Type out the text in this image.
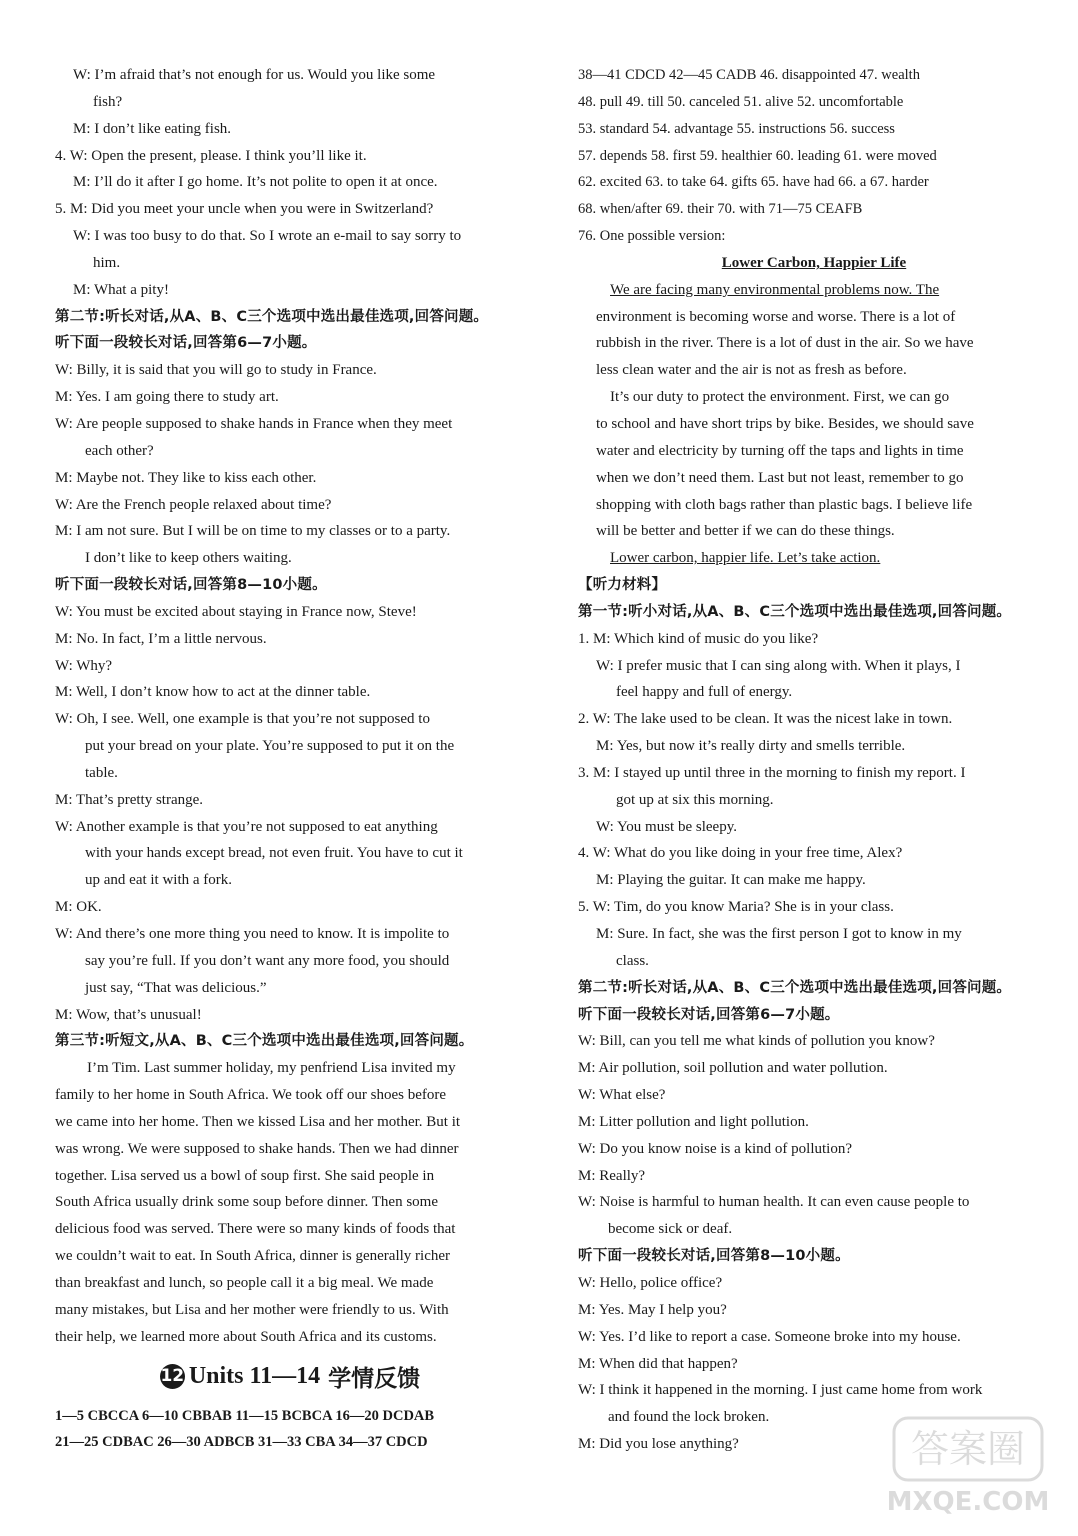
W: I’m afraid that’s not enough for us. Would you like some
fish?
M: I don’t like eating fish.
4. W: Open the present, please. I think you’ll like it.
M: I’ll do it after I go home. It’s not polite to open it at once.
5. M: Did you meet your uncle when you were in Switzerland?
W: I was too busy to do that. So I wrote an e-mail to say sorry to
him.
M: What a pity!
第二节:听长对话,从A、B、C三个选项中选出最佳选项,回答问题。
听下面一段较长对话,回答第6—7小题。
W: Billy, it is said that you will go to study in France.
M: Yes. I am going there to study art.
W: Are people supposed to shake hands in France when they meet
each other?
M: Maybe not. They like to kiss each other.
W: Are the French people relaxed about time?
M: I am not sure. But I will be on time to my classes or to a party.
I don’t like to keep others waiting.
听下面一段较长对话,回答第8—10小题。
W: You must be excited about staying in France now, Steve!
M: No. In fact, I’m a little nervous.
W: Why?
M: Well, I don’t know how to act at the dinner table.
W: Oh, I see. Well, one example is that you’re not supposed to
put your bread on your plate. You’re supposed to put it on the
table.
M: That’s pretty strange.
W: Another example is that you’re not supposed to eat anything
with your hands except bread, not even fruit. You have to cut it
up and eat it with a fork.
M: OK.
W: And there’s one more thing you need to know. It is impolite to
say you’re full. If you don’t want any more food, you should
just say, “That was delicious.”
M: Wow, that’s unusual!
第三节:听短文,从A、B、C三个选项中选出最佳选项,回答问题。
I’m Tim. Last summer holiday, my penfriend Lisa invited my
family to her home in South Africa. We took off our shoes before
we came into her home. Then we kissed Lisa and her mother. But it
was wrong. We were supposed to shake hands. Then we had dinner
together. Lisa served us a bowl of soup first. She said people in
South Africa usually drink some soup before dinner. Then some
delicious food was served. There were so many kinds of foods that
we couldn’t wait to eat. In South Africa, dinner is generally richer
than breakfast and lunch, so people call it a big meal. We made
many mistakes, but Lisa and her mother were friendly to us. With
their help, we learned more about South Africa and its customs.
12 Units 11—14 学情反馈
1—5 CBCCA 6—10 CBBAB 11—15 BCBCA 16—20 DCDAB
21—25 CDBAC 26—30 ADBCB 31—33 CBA 34—37 CDCD
38—41 CDCD 42—45 CADB 46. disappointed 47. wealth
48. pull 49. till 50. canceled 51. alive 52. uncomfortable
53. standard 54. advantage 55. instructions 56. success
57. depends 58. first 59. healthier 60. leading 61. were moved
62. excited 63. to take 64. gifts 65. have had 66. a 67. harder
68. when/after 69. their 70. with 71—75 CEAFB
76. One possible version:
Lower Carbon, Happier Life
We are facing many environmental problems now. The
environment is becoming worse and worse. There is a lot of
rubbish in the river. There is a lot of dust in the air. So we have
less clean water and the air is not as fresh as before.
It’s our duty to protect the environment. First, we can go
to school and have short trips by bike. Besides, we should save
water and electricity by turning off the taps and lights in time
when we don’t need them. Last but not least, remember to go
shopping with cloth bags rather than plastic bags. I believe life
will be better and better if we can do these things.
Lower carbon, happier life. Let’s take action.
【听力材料】
第一节:听小对话,从A、B、C三个选项中选出最佳选项,回答问题。
1. M: Which kind of music do you like?
W: I prefer music that I can sing along with. When it plays, I
feel happy and full of energy.
2. W: The lake used to be clean. It was the nicest lake in town.
M: Yes, but now it’s really dirty and smells terrible.
3. M: I stayed up until three in the morning to finish my report. I
got up at six this morning.
W: You must be sleepy.
4. W: What do you like doing in your free time, Alex?
M: Playing the guitar. It can make me happy.
5. W: Tim, do you know Maria? She is in your class.
M: Sure. In fact, she was the first person I got to know in my
class.
第二节:听长对话,从A、B、C三个选项中选出最佳选项,回答问题。
听下面一段较长对话,回答第6—7小题。
W: Bill, can you tell me what kinds of pollution you know?
M: Air pollution, soil pollution and water pollution.
W: What else?
M: Litter pollution and light pollution.
W: Do you know noise is a kind of pollution?
M: Really?
W: Noise is harmful to human health. It can even cause people to
become sick or deaf.
听下面一段较长对话,回答第8—10小题。
W: Hello, police office?
M: Yes. May I help you?
W: Yes. I’d like to report a case. Someone broke into my house.
M: When did that happen?
W: I think it happened in the morning. I just came home from work
and found the lock broken.
M: Did you lose anything?	答案圈
MXQE.COM
